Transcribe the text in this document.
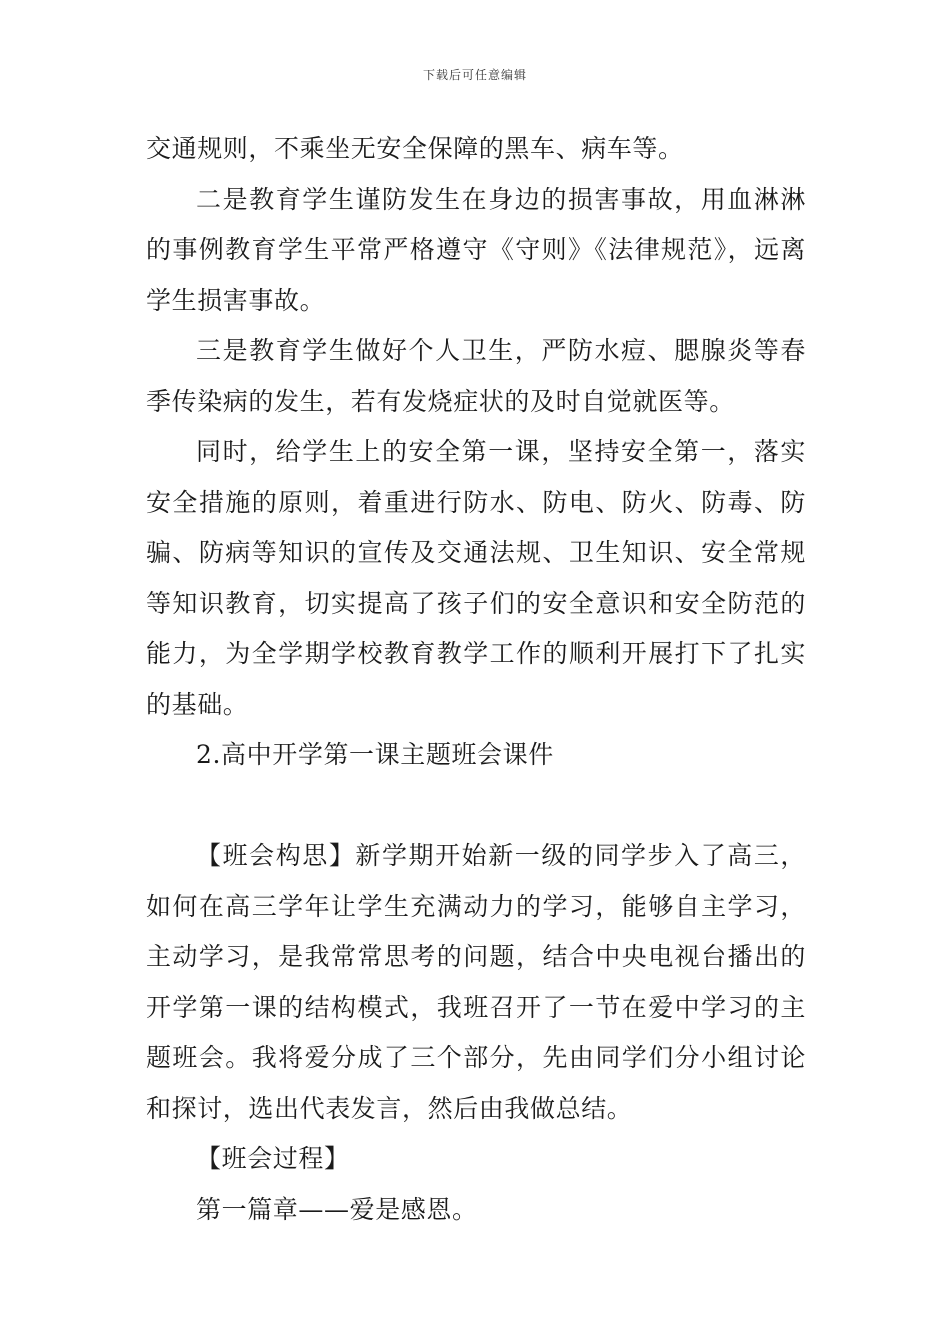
下载后可任意编辑

交通规则，不乘坐无安全保障的黑车、病车等。

二是教育学生谨防发生在身边的损害事故，用血淋淋的事例教育学生平常严格遵守《守则》《法律规范》，远离学生损害事故。

三是教育学生做好个人卫生，严防水痘、腮腺炎等春季传染病的发生，若有发烧症状的及时自觉就医等。

同时，给学生上的安全第一课，坚持安全第一，落实安全措施的原则，着重进行防水、防电、防火、防毒、防骗、防病等知识的宣传及交通法规、卫生知识、安全常规等知识教育，切实提高了孩子们的安全意识和安全防范的能力，为全学期学校教育教学工作的顺利开展打下了扎实的基础。

2.高中开学第一课主题班会课件

【班会构思】新学期开始新一级的同学步入了高三，如何在高三学年让学生充满动力的学习，能够自主学习，主动学习，是我常常思考的问题，结合中央电视台播出的开学第一课的结构模式，我班召开了一节在爱中学习的主题班会。我将爱分成了三个部分，先由同学们分小组讨论和探讨，选出代表发言，然后由我做总结。

【班会过程】

第一篇章——爱是感恩。
